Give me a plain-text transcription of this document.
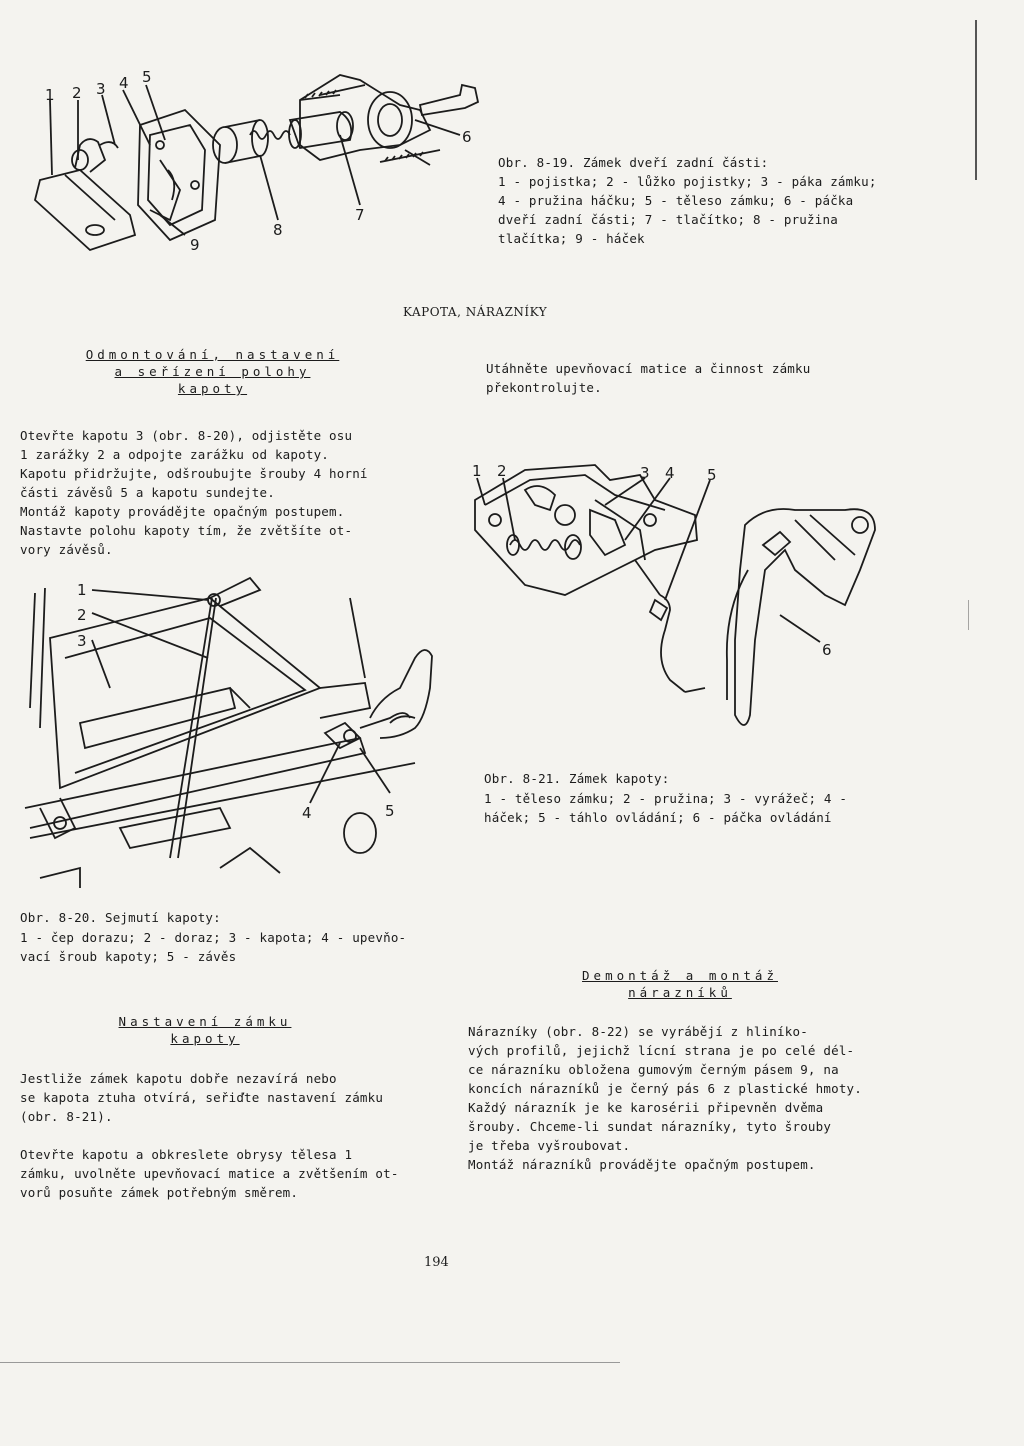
1 2 3 4 5
6
7
8
9
Obr. 8-19. Zámek dveří zadní části:
1 - pojistka; 2 - lůžko pojistky; 3 - páka zámku;
4 - pružina háčku; 5 - těleso zámku; 6 - páčka
dveří zadní části; 7 - tlačítko; 8 - pružina
tlačítka; 9 - háček
KAPOTA, NÁRAZNÍKY
Odmontování, nastavení
a seřízení polohy
kapoty
Otevřte kapotu 3 (obr. 8-20), odjistěte osu
1 zarážky 2 a odpojte zarážku od kapoty.
Kapotu přidržujte, odšroubujte šrouby 4 horní
části závěsů 5 a kapotu sundejte.
Montáž kapoty provádějte opačným postupem.
Nastavte polohu kapoty tím, že zvětšíte ot-
vory závěsů.
Utáhněte upevňovací matice a činnost zámku
překontrolujte.
1 2	3 4 5
6
Obr. 8-21. Zámek kapoty:
1 - těleso zámku; 2 - pružina; 3 - vyrážeč; 4 -
háček; 5 - táhlo ovládání; 6 - páčka ovládání
1
2
3
4	5
Obr. 8-20. Sejmutí kapoty:
1 - čep dorazu; 2 - doraz; 3 - kapota; 4 - upevňo-
vací šroub kapoty; 5 - závěs
Nastavení zámku
kapoty
Jestliže zámek kapotu dobře nezavírá nebo
se kapota ztuha otvírá, seřiďte nastavení zámku
(obr. 8-21).

Otevřte kapotu a obkreslete obrysy tělesa 1
zámku, uvolněte upevňovací matice a zvětšením ot-
vorů posuňte zámek potřebným směrem.
Demontáž a montáž
nárazníků
Nárazníky (obr. 8-22) se vyrábějí z hliníko-
vých profilů, jejichž lícní strana je po celé dél-
ce nárazníku obložena gumovým černým pásem 9, na
koncích nárazníků je černý pás 6 z plastické hmoty.
Každý nárazník je ke karosérii připevněn dvěma
šrouby. Chceme-li sundat nárazníky, tyto šrouby
je třeba vyšroubovat.
Montáž nárazníků provádějte opačným postupem.
194
